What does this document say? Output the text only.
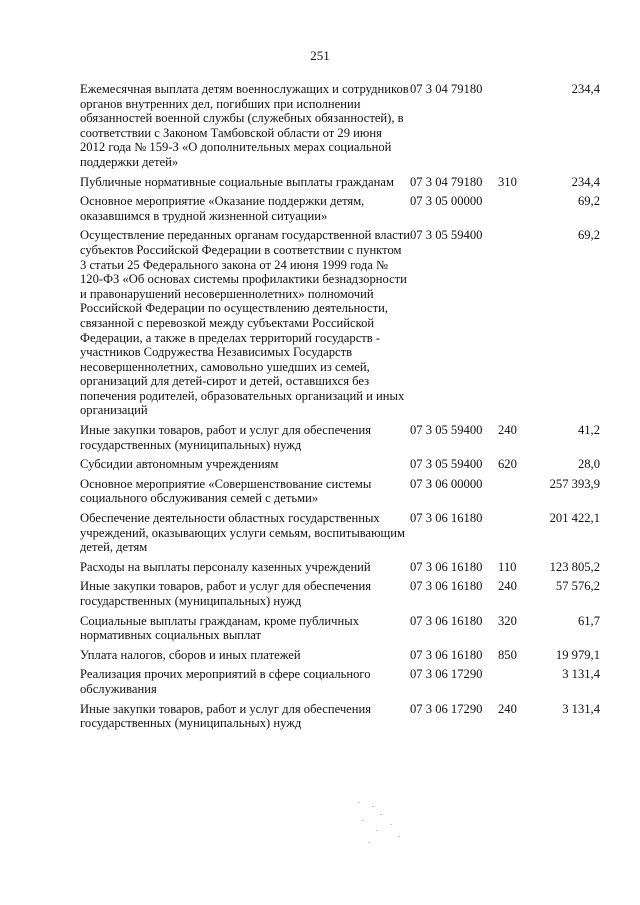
251
Ежемесячная выплата детям военнослужащих и сотрудников органов внутренних дел, погибших при исполнении обязанностей военной службы (служебных обязанностей), в соответствии с Законом Тамбовской области от 29 июня 2012 года № 159-З «О дополнительных мерах социальной поддержки детей»	07 3 04 79180		234,4
Публичные нормативные социальные выплаты гражданам	07 3 04 79180	310	234,4
Основное мероприятие «Оказание поддержки детям, оказавшимся в трудной жизненной ситуации»	07 3 05 00000		69,2
Осуществление переданных органам государственной власти субъектов Российской Федерации в соответствии с пунктом 3 статьи 25 Федерального закона от 24 июня 1999 года № 120-ФЗ «Об основах системы профилактики безнадзорности и правонарушений несовершеннолетних» полномочий Российской Федерации по осуществлению деятельности, связанной с перевозкой между субъектами Российской Федерации, а также в пределах территорий государств - участников Содружества Независимых Государств несовершеннолетних, самовольно ушедших из семей, организаций для детей-сирот и детей, оставшихся без попечения родителей, образовательных организаций и иных организаций	07 3 05 59400		69,2
Иные закупки товаров, работ и услуг для обеспечения государственных (муниципальных) нужд	07 3 05 59400	240	41,2
Субсидии автономным учреждениям	07 3 05 59400	620	28,0
Основное мероприятие «Совершенствование системы социального обслуживания семей с детьми»	07 3 06 00000		257 393,9
Обеспечение деятельности областных государственных учреждений, оказывающих услуги семьям, воспитывающим детей, детям	07 3 06 16180		201 422,1
Расходы на выплаты персоналу казенных учреждений	07 3 06 16180	110	123 805,2
Иные закупки товаров, работ и услуг для обеспечения государственных (муниципальных) нужд	07 3 06 16180	240	57 576,2
Социальные выплаты гражданам, кроме публичных нормативных социальных выплат	07 3 06 16180	320	61,7
Уплата налогов, сборов и иных платежей	07 3 06 16180	850	19 979,1
Реализация прочих мероприятий в сфере социального обслуживания	07 3 06 17290		3 131,4
Иные закупки товаров, работ и услуг для обеспечения государственных (муниципальных) нужд	07 3 06 17290	240	3 131,4
